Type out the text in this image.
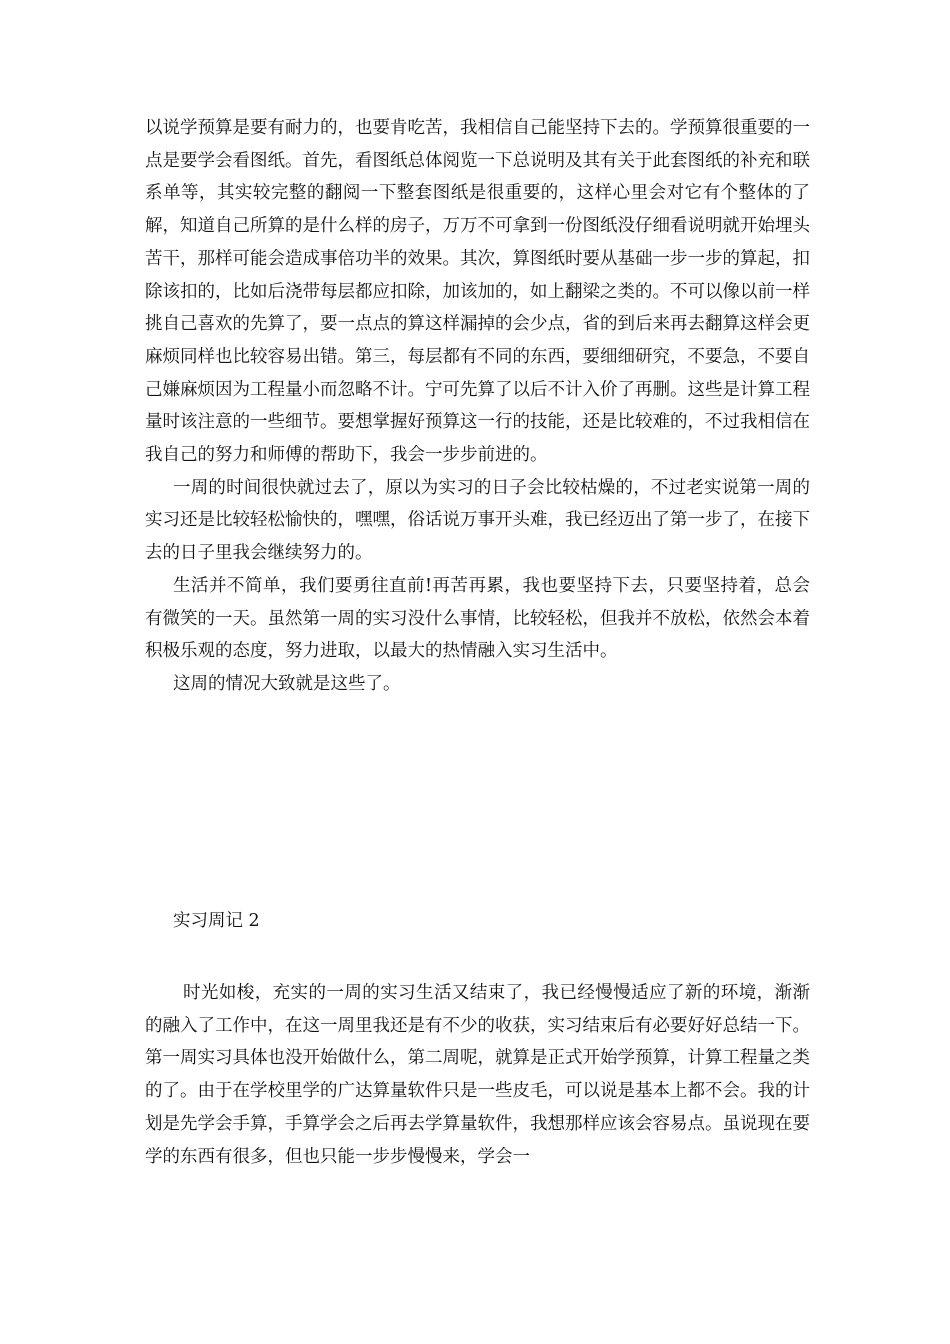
以说学预算是要有耐力的，也要肯吃苦，我相信自己能坚持下去的。学预算很重要的一点是要学会看图纸。首先，看图纸总体阅览一下总说明及其有关于此套图纸的补充和联系单等，其实较完整的翻阅一下整套图纸是很重要的，这样心里会对它有个整体的了解，知道自己所算的是什么样的房子，万万不可拿到一份图纸没仔细看说明就开始埋头苦干，那样可能会造成事倍功半的效果。其次，算图纸时要从基础一步一步的算起，扣除该扣的，比如后浇带每层都应扣除，加该加的，如上翻梁之类的。不可以像以前一样挑自己喜欢的先算了，要一点点的算这样漏掉的会少点，省的到后来再去翻算这样会更麻烦同样也比较容易出错。第三，每层都有不同的东西，要细细研究，不要急，不要自己嫌麻烦因为工程量小而忽略不计。宁可先算了以后不计入价了再删。这些是计算工程量时该注意的一些细节。要想掌握好预算这一行的技能，还是比较难的，不过我相信在我自己的努力和师傅的帮助下，我会一步步前进的。

一周的时间很快就过去了，原以为实习的日子会比较枯燥的，不过老实说第一周的实习还是比较轻松愉快的，嘿嘿，俗话说万事开头难，我已经迈出了第一步了，在接下去的日子里我会继续努力的。

生活并不简单，我们要勇往直前!再苦再累，我也要坚持下去，只要坚持着，总会有微笑的一天。虽然第一周的实习没什么事情，比较轻松，但我并不放松，依然会本着积极乐观的态度，努力进取，以最大的热情融入实习生活中。

这周的情况大致就是这些了。

实习周记 2

时光如梭，充实的一周的实习生活又结束了，我已经慢慢适应了新的环境，渐渐的融入了工作中，在这一周里我还是有不少的收获，实习结束后有必要好好总结一下。第一周实习具体也没开始做什么，第二周呢，就算是正式开始学预算，计算工程量之类的了。由于在学校里学的广达算量软件只是一些皮毛，可以说是基本上都不会。我的计划是先学会手算，手算学会之后再去学算量软件，我想那样应该会容易点。虽说现在要学的东西有很多，但也只能一步步慢慢来，学会一
